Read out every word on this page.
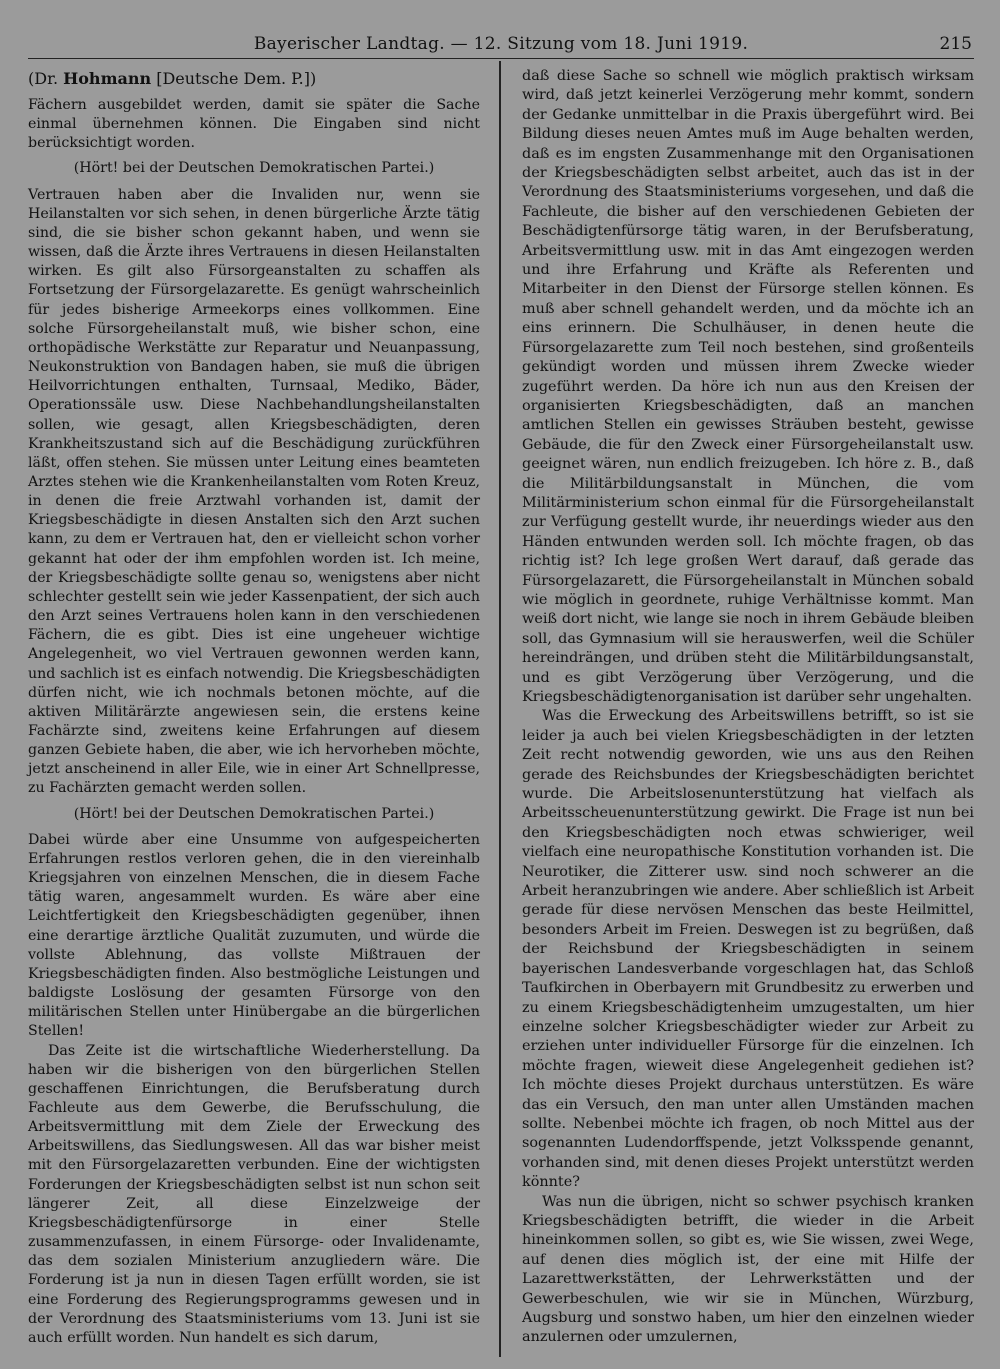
Bayerischer Landtag. — 12. Sitzung vom 18. Juni 1919.	215
(Dr. Hohmann [Deutsche Dem. P.])

Fächern ausgebildet werden, damit sie später die Sache einmal übernehmen können. Die Eingaben sind nicht berücksichtigt worden.

(Hört! bei der Deutschen Demokratischen Partei.)

Vertrauen haben aber die Invaliden nur, wenn sie Heilanstalten vor sich sehen, in denen bürgerliche Ärzte tätig sind, die sie bisher schon gekannt haben, und wenn sie wissen, daß die Ärzte ihres Vertrauens in diesen Heilanstalten wirken. Es gilt also Fürsorgeanstalten zu schaffen als Fortsetzung der Fürsorgelazarette. Es genügt wahrscheinlich für jedes bisherige Armeekorps eines vollkommen. Eine solche Fürsorgeheilanstalt muß, wie bisher schon, eine orthopädische Werkstätte zur Reparatur und Neuanpassung, Neukonstruktion von Bandagen haben, sie muß die übrigen Heilvorrichtungen enthalten, Turnsaal, Mediko, Bäder, Operationssäle usw. Diese Nachbehandlungsheilanstalten sollen, wie gesagt, allen Kriegsbeschädigten, deren Krankheitszustand sich auf die Beschädigung zurückführen läßt, offen stehen. Sie müssen unter Leitung eines beamteten Arztes stehen wie die Krankenheilanstalten vom Roten Kreuz, in denen die freie Arztwahl vorhanden ist, damit der Kriegsbeschädigte in diesen Anstalten sich den Arzt suchen kann, zu dem er Vertrauen hat, den er vielleicht schon vorher gekannt hat oder der ihm empfohlen worden ist. Ich meine, der Kriegsbeschädigte sollte genau so, wenigstens aber nicht schlechter gestellt sein wie jeder Kassenpatient, der sich auch den Arzt seines Vertrauens holen kann in den verschiedenen Fächern, die es gibt. Dies ist eine ungeheuer wichtige Angelegenheit, wo viel Vertrauen gewonnen werden kann, und sachlich ist es einfach notwendig. Die Kriegsbeschädigten dürfen nicht, wie ich nochmals betonen möchte, auf die aktiven Militärärzte angewiesen sein, die erstens keine Fachärzte sind, zweitens keine Erfahrungen auf diesem ganzen Gebiete haben, die aber, wie ich hervorheben möchte, jetzt anscheinend in aller Eile, wie in einer Art Schnellpresse, zu Fachärzten gemacht werden sollen.

(Hört! bei der Deutschen Demokratischen Partei.)

Dabei würde aber eine Unsumme von aufgespeicherten Erfahrungen restlos verloren gehen, die in den viereinhalb Kriegsjahren von einzelnen Menschen, die in diesem Fache tätig waren, angesammelt wurden. Es wäre aber eine Leichtfertigkeit den Kriegsbeschädigten gegenüber, ihnen eine derartige ärztliche Qualität zuzumuten, und würde die vollste Ablehnung, das vollste Mißtrauen der Kriegsbeschädigten finden. Also bestmögliche Leistungen und baldigste Loslösung der gesamten Fürsorge von den militärischen Stellen unter Hinübergabe an die bürgerlichen Stellen!

Das Zeite ist die wirtschaftliche Wiederherstellung. Da haben wir die bisherigen von den bürgerlichen Stellen geschaffenen Einrichtungen, die Berufsberatung durch Fachleute aus dem Gewerbe, die Berufsschulung, die Arbeitsvermittlung mit dem Ziele der Erweckung des Arbeitswillens, das Siedlungswesen. All das war bisher meist mit den Fürsorgelazaretten verbunden. Eine der wichtigsten Forderungen der Kriegsbeschädigten selbst ist nun schon seit längerer Zeit, all diese Einzelzweige der Kriegsbeschädigtenfürsorge in einer Stelle zusammenzufassen, in einem Fürsorge- oder Invalidenamte, das dem sozialen Ministerium anzugliedern wäre. Die Forderung ist ja nun in diesen Tagen erfüllt worden, sie ist eine Forderung des Regierungsprogramms gewesen und in der Verordnung des Staatsministeriums vom 13. Juni ist sie auch erfüllt worden. Nun handelt es sich darum,

daß diese Sache so schnell wie möglich praktisch wirksam wird, daß jetzt keinerlei Verzögerung mehr kommt, sondern der Gedanke unmittelbar in die Praxis übergeführt wird. Bei Bildung dieses neuen Amtes muß im Auge behalten werden, daß es im engsten Zusammenhange mit den Organisationen der Kriegsbeschädigten selbst arbeitet, auch das ist in der Verordnung des Staatsministeriums vorgesehen, und daß die Fachleute, die bisher auf den verschiedenen Gebieten der Beschädigtenfürsorge tätig waren, in der Berufsberatung, Arbeitsvermittlung usw. mit in das Amt eingezogen werden und ihre Erfahrung und Kräfte als Referenten und Mitarbeiter in den Dienst der Fürsorge stellen können. Es muß aber schnell gehandelt werden, und da möchte ich an eins erinnern. Die Schulhäuser, in denen heute die Fürsorgelazarette zum Teil noch bestehen, sind großenteils gekündigt worden und müssen ihrem Zwecke wieder zugeführt werden. Da höre ich nun aus den Kreisen der organisierten Kriegsbeschädigten, daß an manchen amtlichen Stellen ein gewisses Sträuben besteht, gewisse Gebäude, die für den Zweck einer Fürsorgeheilanstalt usw. geeignet wären, nun endlich freizugeben. Ich höre z. B., daß die Militärbildungsanstalt in München, die vom Militärministerium schon einmal für die Fürsorgeheilanstalt zur Verfügung gestellt wurde, ihr neuerdings wieder aus den Händen entwunden werden soll. Ich möchte fragen, ob das richtig ist? Ich lege großen Wert darauf, daß gerade das Fürsorgelazarett, die Fürsorgeheilanstalt in München sobald wie möglich in geordnete, ruhige Verhältnisse kommt. Man weiß dort nicht, wie lange sie noch in ihrem Gebäude bleiben soll, das Gymnasium will sie herauswerfen, weil die Schüler hereindrängen, und drüben steht die Militärbildungsanstalt, und es gibt Verzögerung über Verzögerung, und die Kriegsbeschädigtenorganisation ist darüber sehr ungehalten.

Was die Erweckung des Arbeitswillens betrifft, so ist sie leider ja auch bei vielen Kriegsbeschädigten in der letzten Zeit recht notwendig geworden, wie uns aus den Reihen gerade des Reichsbundes der Kriegsbeschädigten berichtet wurde. Die Arbeitslosenunterstützung hat vielfach als Arbeitsscheuenunterstützung gewirkt. Die Frage ist nun bei den Kriegsbeschädigten noch etwas schwieriger, weil vielfach eine neuropathische Konstitution vorhanden ist. Die Neurotiker, die Zitterer usw. sind noch schwerer an die Arbeit heranzubringen wie andere. Aber schließlich ist Arbeit gerade für diese nervösen Menschen das beste Heilmittel, besonders Arbeit im Freien. Deswegen ist zu begrüßen, daß der Reichsbund der Kriegsbeschädigten in seinem bayerischen Landesverbande vorgeschlagen hat, das Schloß Taufkirchen in Oberbayern mit Grundbesitz zu erwerben und zu einem Kriegsbeschädigtenheim umzugestalten, um hier einzelne solcher Kriegsbeschädigter wieder zur Arbeit zu erziehen unter individueller Fürsorge für die einzelnen. Ich möchte fragen, wieweit diese Angelegenheit gediehen ist? Ich möchte dieses Projekt durchaus unterstützen. Es wäre das ein Versuch, den man unter allen Umständen machen sollte. Nebenbei möchte ich fragen, ob noch Mittel aus der sogenannten Ludendorffspende, jetzt Volksspende genannt, vorhanden sind, mit denen dieses Projekt unterstützt werden könnte?

Was nun die übrigen, nicht so schwer psychisch kranken Kriegsbeschädigten betrifft, die wieder in die Arbeit hineinkommen sollen, so gibt es, wie Sie wissen, zwei Wege, auf denen dies möglich ist, der eine mit Hilfe der Lazarettwerkstätten, der Lehrwerkstätten und der Gewerbeschulen, wie wir sie in München, Würzburg, Augsburg und sonstwo haben, um hier den einzelnen wieder anzulernen oder umzulernen,
